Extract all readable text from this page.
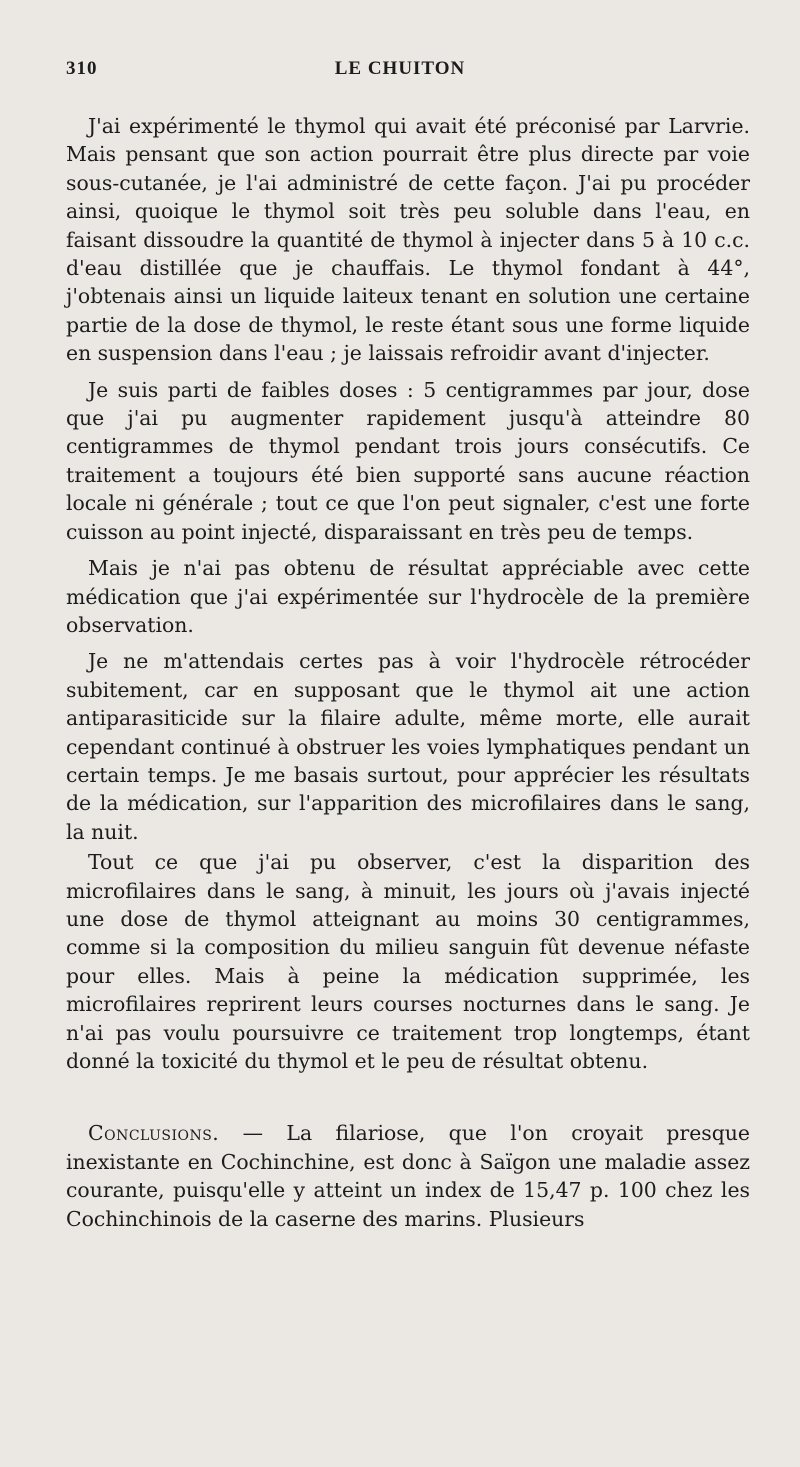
310	LE CHUITON

J'ai expérimenté le thymol qui avait été préconisé par Larvrie. Mais pensant que son action pourrait être plus directe par voie sous-cutanée, je l'ai administré de cette façon. J'ai pu procéder ainsi, quoique le thymol soit très peu soluble dans l'eau, en faisant dissoudre la quantité de thymol à injecter dans 5 à 10 c.c. d'eau distillée que je chauffais. Le thymol fondant à 44°, j'obtenais ainsi un liquide laiteux tenant en solution une certaine partie de la dose de thymol, le reste étant sous une forme liquide en suspension dans l'eau ; je laissais refroidir avant d'injecter.

Je suis parti de faibles doses : 5 centigrammes par jour, dose que j'ai pu augmenter rapidement jusqu'à atteindre 80 centigrammes de thymol pendant trois jours consécutifs. Ce traitement a toujours été bien supporté sans aucune réaction locale ni générale ; tout ce que l'on peut signaler, c'est une forte cuisson au point injecté, disparaissant en très peu de temps.

Mais je n'ai pas obtenu de résultat appréciable avec cette médication que j'ai expérimentée sur l'hydrocèle de la première observation.

Je ne m'attendais certes pas à voir l'hydrocèle rétrocéder subitement, car en supposant que le thymol ait une action antiparasiticide sur la filaire adulte, même morte, elle aurait cependant continué à obstruer les voies lymphatiques pendant un certain temps. Je me basais surtout, pour apprécier les résultats de la médication, sur l'apparition des microfilaires dans le sang, la nuit.

Tout ce que j'ai pu observer, c'est la disparition des microfilaires dans le sang, à minuit, les jours où j'avais injecté une dose de thymol atteignant au moins 30 centigrammes, comme si la composition du milieu sanguin fût devenue néfaste pour elles. Mais à peine la médication supprimée, les microfilaires reprirent leurs courses nocturnes dans le sang. Je n'ai pas voulu poursuivre ce traitement trop longtemps, étant donné la toxicité du thymol et le peu de résultat obtenu.

Conclusions. — La filariose, que l'on croyait presque inexistante en Cochinchine, est donc à Saïgon une maladie assez courante, puisqu'elle y atteint un index de 15,47 p. 100 chez les Cochinchinois de la caserne des marins. Plusieurs
